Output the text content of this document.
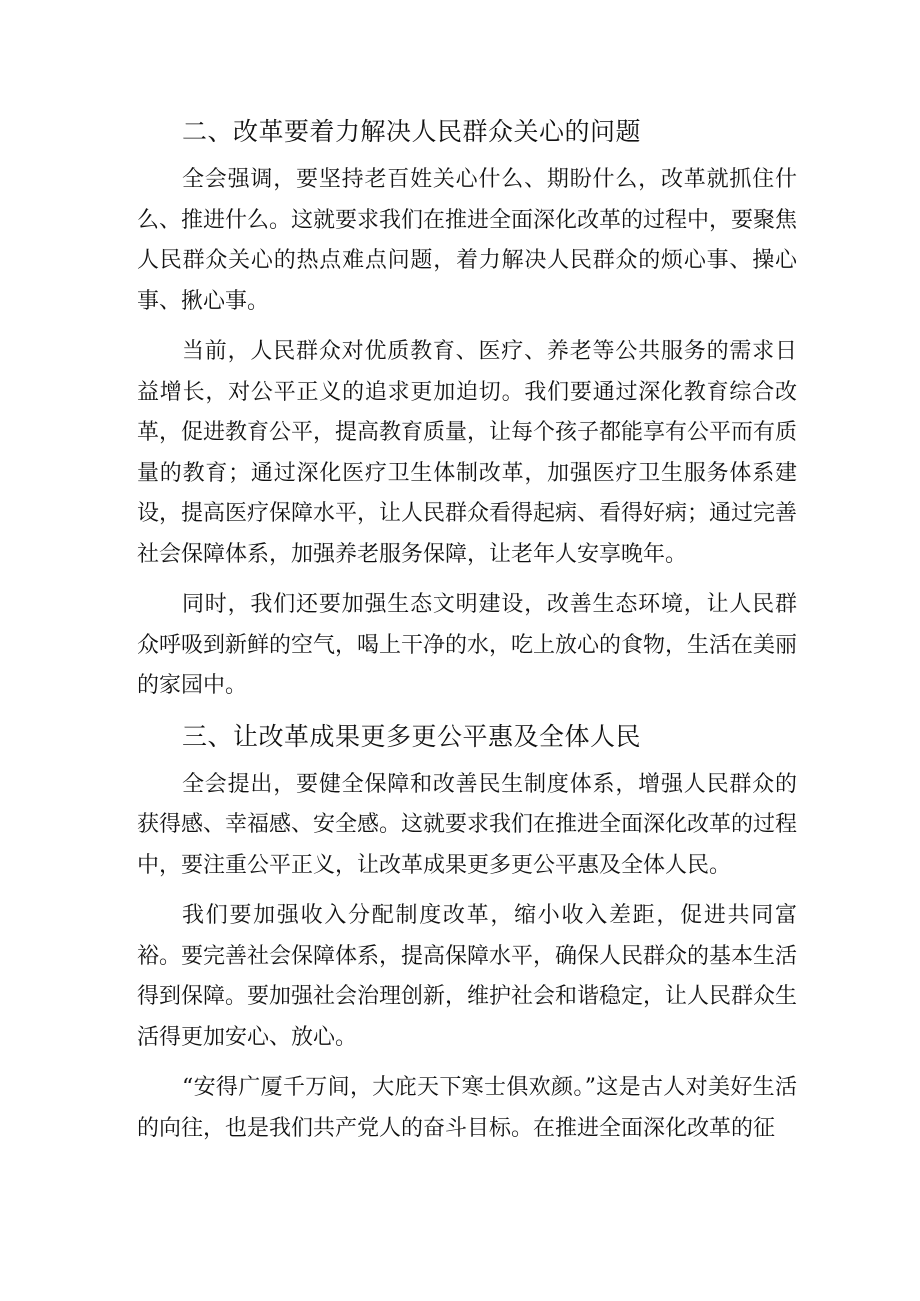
二、改革要着力解决人民群众关心的问题

全会强调，要坚持老百姓关心什么、期盼什么，改革就抓住什么、推进什么。这就要求我们在推进全面深化改革的过程中，要聚焦人民群众关心的热点难点问题，着力解决人民群众的烦心事、操心事、揪心事。

当前，人民群众对优质教育、医疗、养老等公共服务的需求日益增长，对公平正义的追求更加迫切。我们要通过深化教育综合改革，促进教育公平，提高教育质量，让每个孩子都能享有公平而有质量的教育；通过深化医疗卫生体制改革，加强医疗卫生服务体系建设，提高医疗保障水平，让人民群众看得起病、看得好病；通过完善社会保障体系，加强养老服务保障，让老年人安享晚年。

同时，我们还要加强生态文明建设，改善生态环境，让人民群众呼吸到新鲜的空气，喝上干净的水，吃上放心的食物，生活在美丽的家园中。

三、让改革成果更多更公平惠及全体人民

全会提出，要健全保障和改善民生制度体系，增强人民群众的获得感、幸福感、安全感。这就要求我们在推进全面深化改革的过程中，要注重公平正义，让改革成果更多更公平惠及全体人民。

我们要加强收入分配制度改革，缩小收入差距，促进共同富裕。要完善社会保障体系，提高保障水平，确保人民群众的基本生活得到保障。要加强社会治理创新，维护社会和谐稳定，让人民群众生活得更加安心、放心。

“安得广厦千万间，大庇天下寒士俱欢颜。”这是古人对美好生活的向往，也是我们共产党人的奋斗目标。在推进全面深化改革的征
